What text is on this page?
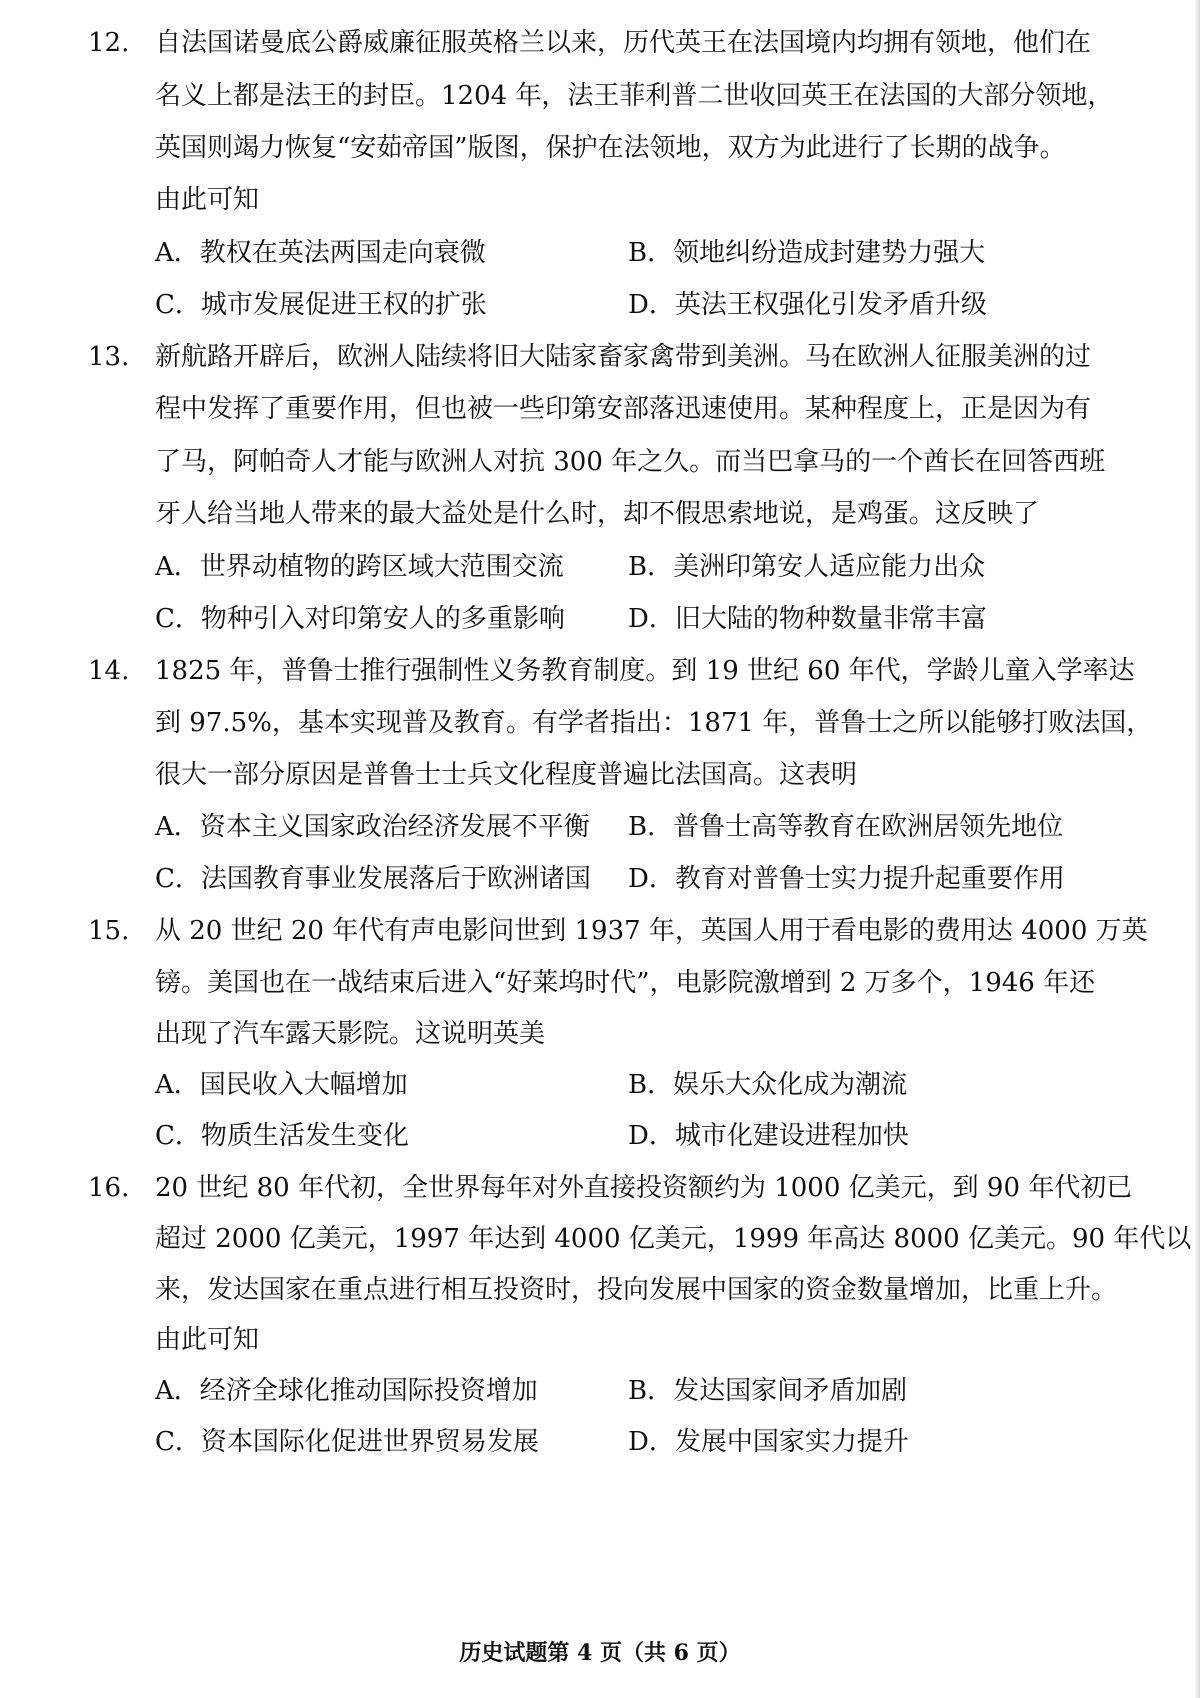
12. 自法国诺曼底公爵威廉征服英格兰以来，历代英王在法国境内均拥有领地，他们在
名义上都是法王的封臣。1204 年，法王菲利普二世收回英王在法国的大部分领地，
英国则竭力恢复“安茹帝国”版图，保护在法领地，双方为此进行了长期的战争。
由此可知
A．教权在英法两国走向衰微	B．领地纠纷造成封建势力强大
C．城市发展促进王权的扩张	D．英法王权强化引发矛盾升级
13. 新航路开辟后，欧洲人陆续将旧大陆家畜家禽带到美洲。马在欧洲人征服美洲的过
程中发挥了重要作用，但也被一些印第安部落迅速使用。某种程度上，正是因为有
了马，阿帕奇人才能与欧洲人对抗 300 年之久。而当巴拿马的一个酋长在回答西班
牙人给当地人带来的最大益处是什么时，却不假思索地说，是鸡蛋。这反映了
A．世界动植物的跨区域大范围交流 B．美洲印第安人适应能力出众
C．物种引入对印第安人的多重影响 D．旧大陆的物种数量非常丰富
14. 1825 年，普鲁士推行强制性义务教育制度。到 19 世纪 60 年代，学龄儿童入学率达
到 97.5%，基本实现普及教育。有学者指出：1871 年，普鲁士之所以能够打败法国，
很大一部分原因是普鲁士士兵文化程度普遍比法国高。这表明
A．资本主义国家政治经济发展不平衡 B．普鲁士高等教育在欧洲居领先地位
C．法国教育事业发展落后于欧洲诸国 D．教育对普鲁士实力提升起重要作用
15. 从 20 世纪 20 年代有声电影问世到 1937 年，英国人用于看电影的费用达 4000 万英
镑。美国也在一战结束后进入“好莱坞时代”，电影院激增到 2 万多个，1946 年还
出现了汽车露天影院。这说明英美
A．国民收入大幅增加	B．娱乐大众化成为潮流
C．物质生活发生变化	D．城市化建设进程加快
16. 20 世纪 80 年代初，全世界每年对外直接投资额约为 1000 亿美元，到 90 年代初已
超过 2000 亿美元，1997 年达到 4000 亿美元，1999 年高达 8000 亿美元。90 年代以
来，发达国家在重点进行相互投资时，投向发展中国家的资金数量增加，比重上升。
由此可知
A．经济全球化推动国际投资增加	B．发达国家间矛盾加剧
C．资本国际化促进世界贸易发展	D．发展中国家实力提升
历史试题第 4 页（共 6 页）
